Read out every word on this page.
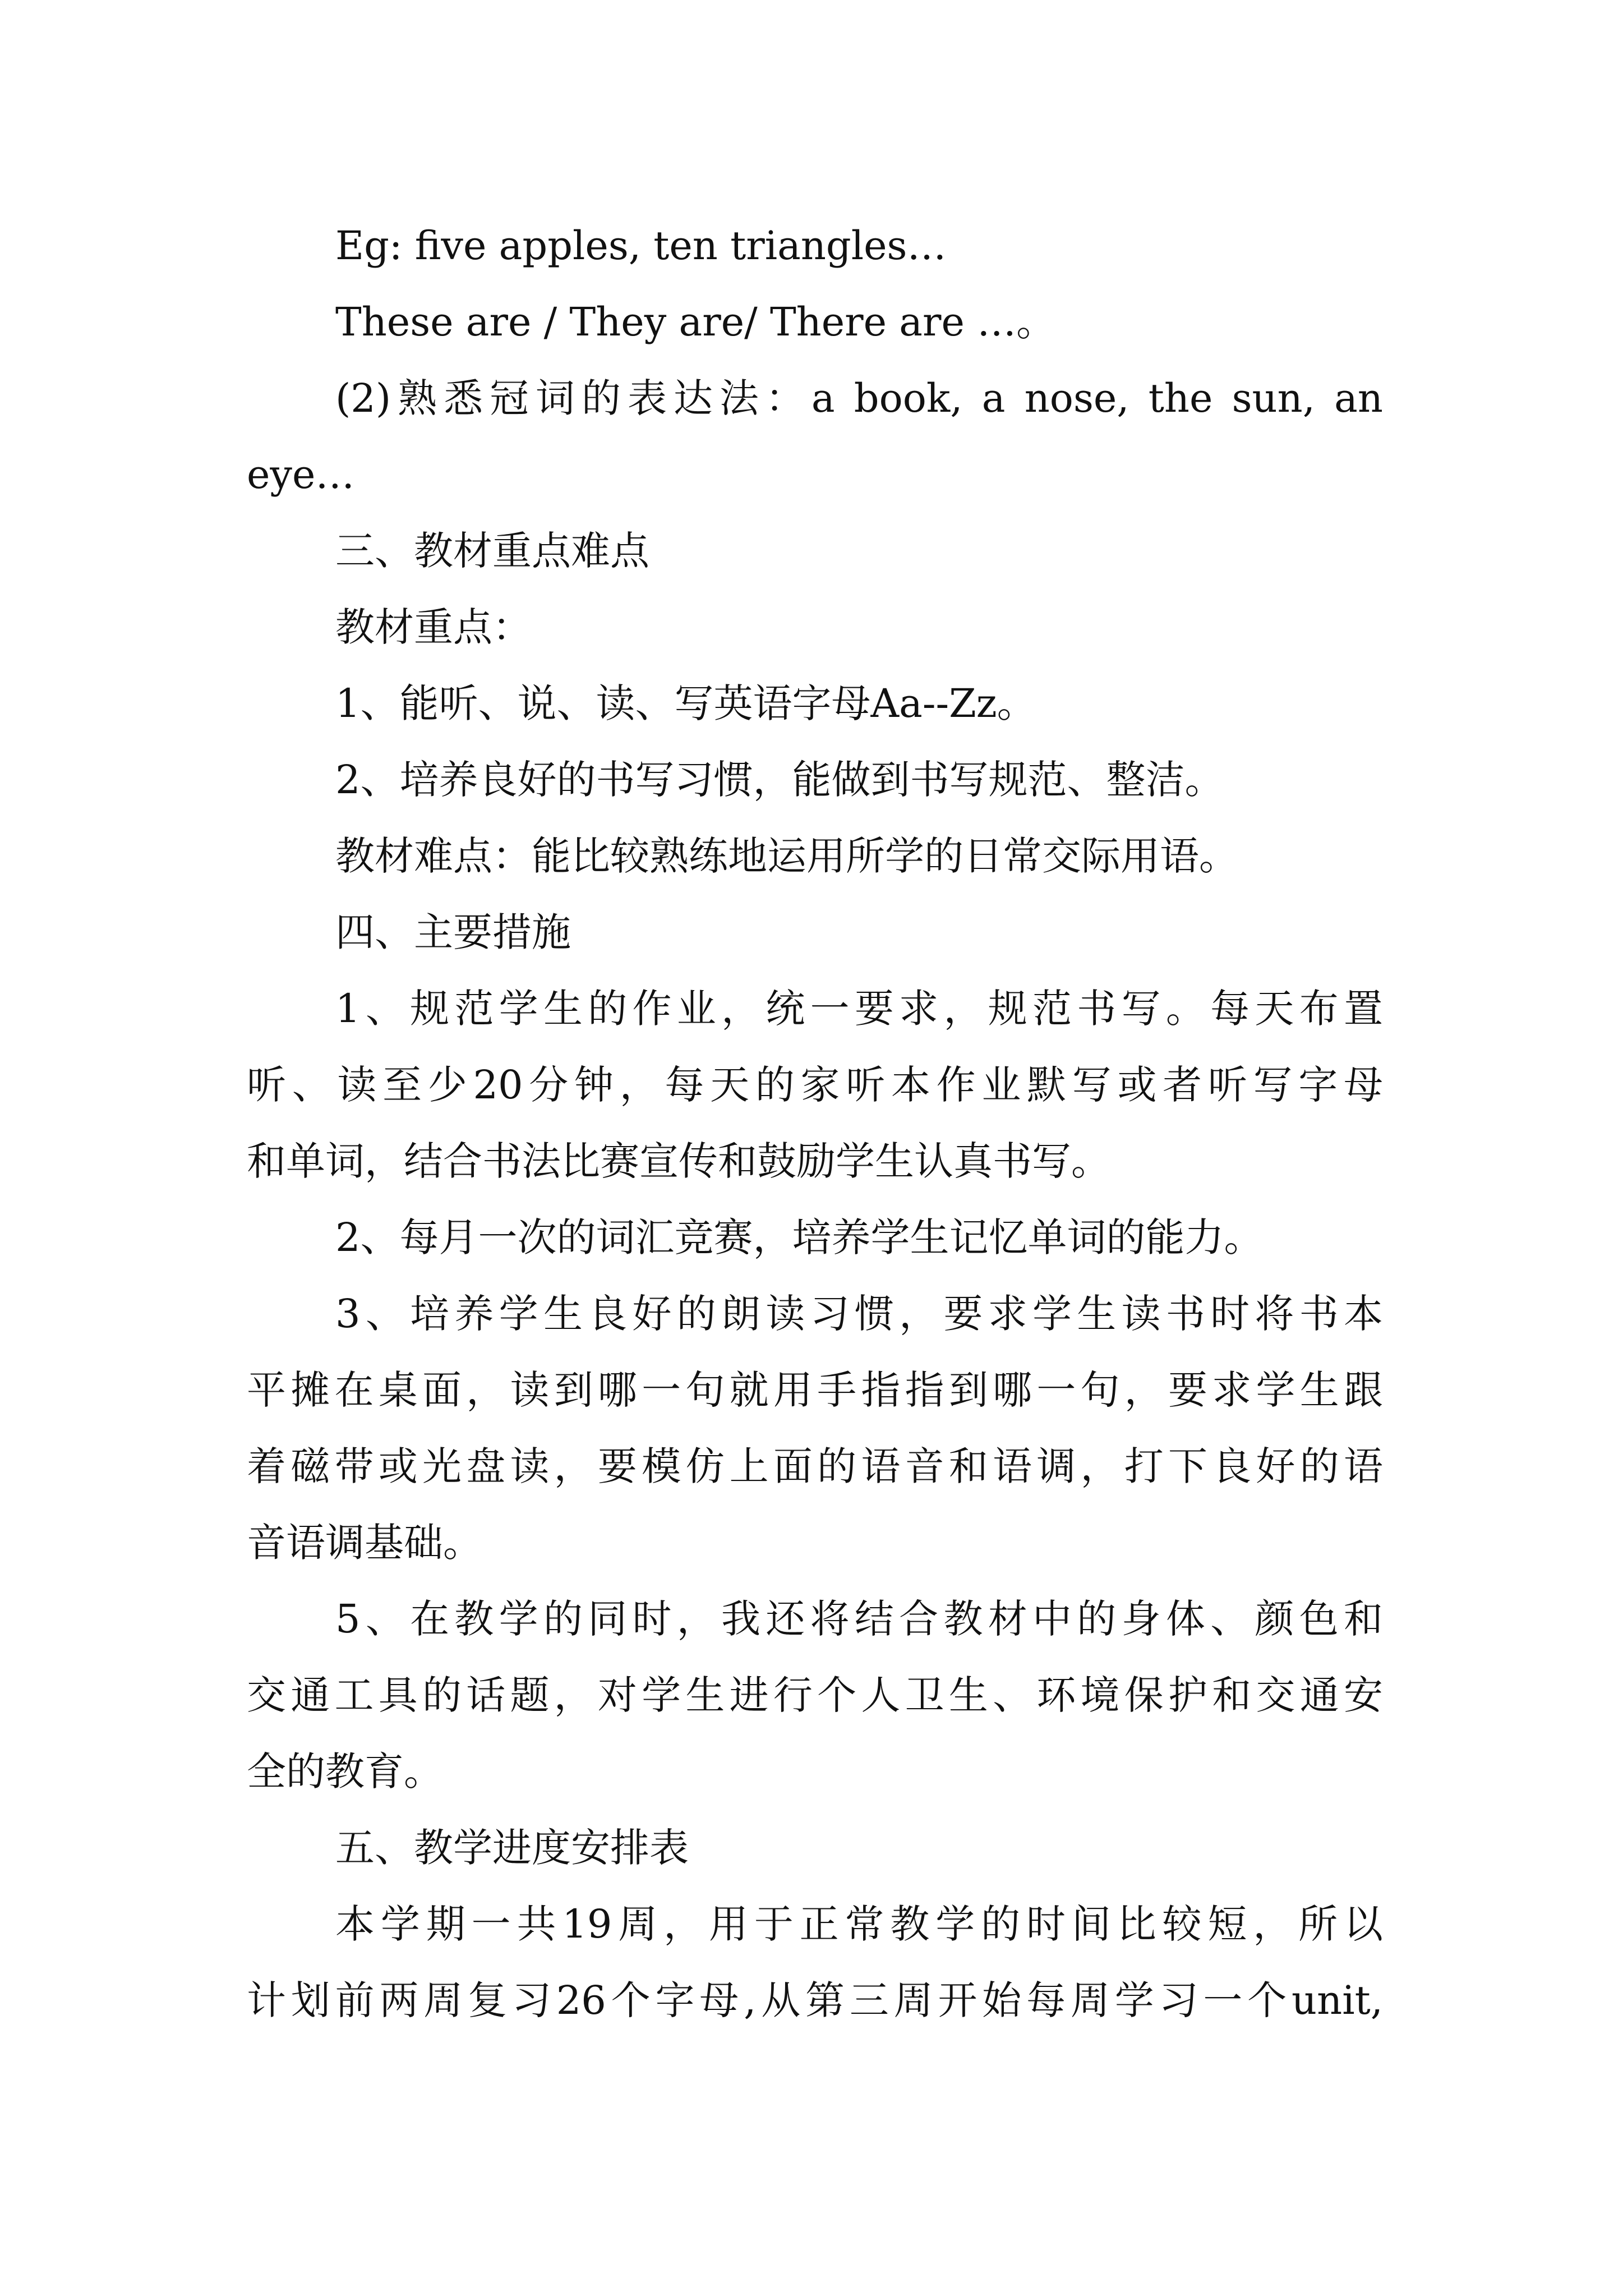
Eg: five apples, ten triangles…
These are / They are/ There are …。
(2)熟悉冠词的表达法：a book, a nose, the sun, an
eye…
三、教材重点难点
教材重点：
1、能听、说、读、写英语字母Aa--Zz。
2、培养良好的书写习惯，能做到书写规范、整洁。
教材难点：能比较熟练地运用所学的日常交际用语。
四、主要措施
1、规范学生的作业，统一要求，规范书写。每天布置
听、读至少20分钟，每天的家听本作业默写或者听写字母
和单词，结合书法比赛宣传和鼓励学生认真书写。
2、每月一次的词汇竞赛，培养学生记忆单词的能力。
3、培养学生良好的朗读习惯，要求学生读书时将书本
平摊在桌面，读到哪一句就用手指指到哪一句，要求学生跟
着磁带或光盘读，要模仿上面的语音和语调，打下良好的语
音语调基础。
5、在教学的同时，我还将结合教材中的身体、颜色和
交通工具的话题，对学生进行个人卫生、环境保护和交通安
全的教育。
五、教学进度安排表
本学期一共19周，用于正常教学的时间比较短，所以
计划前两周复习26个字母,从第三周开始每周学习一个unit,
